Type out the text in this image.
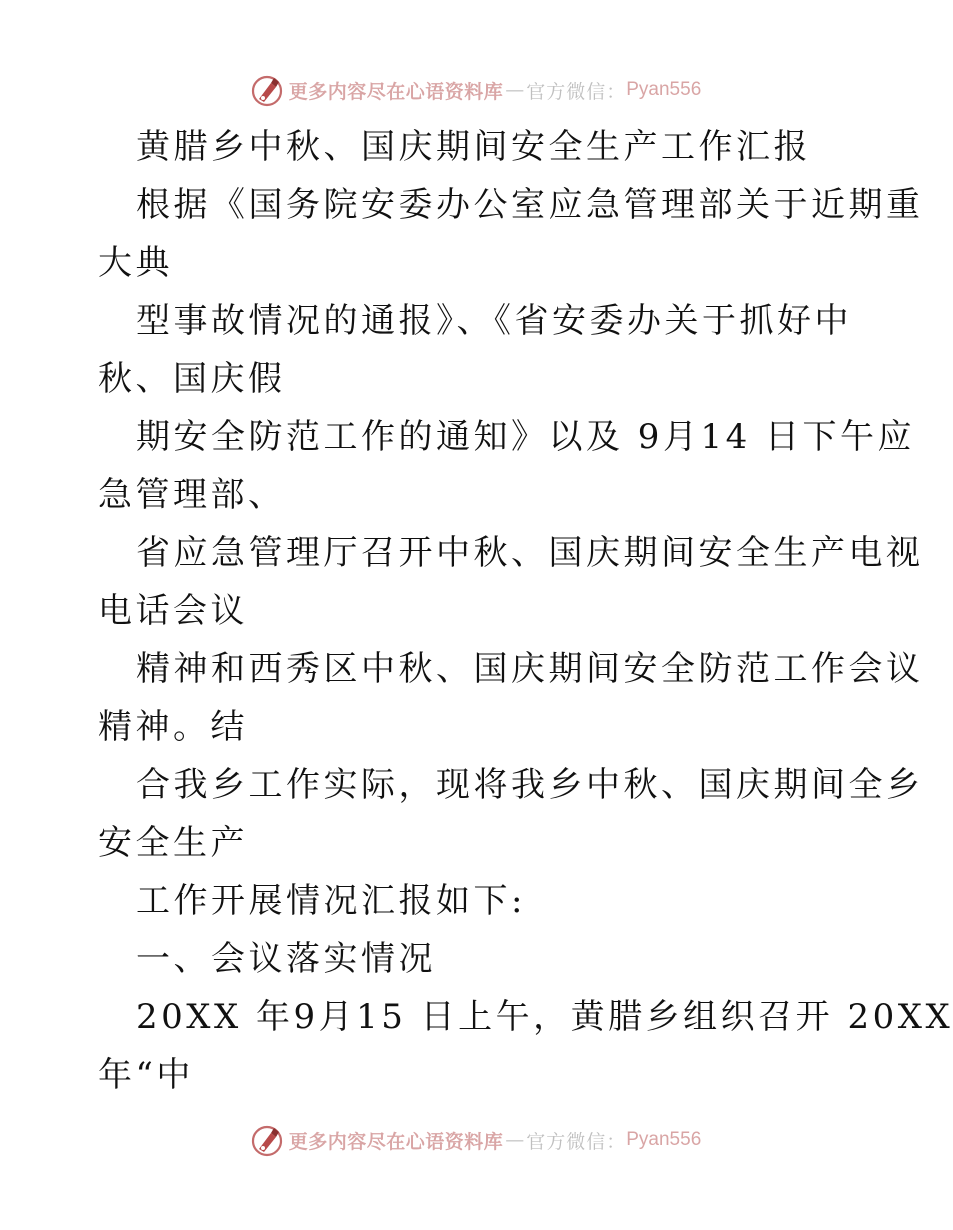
更多内容尽在心语资料库 — 官方微信： Pyan556
黄腊乡中秋、国庆期间安全生产工作汇报
根据《国务院安委办公室应急管理部关于近期重
大典
型事故情况的通报》、《省安委办关于抓好中
秋、国庆假
期安全防范工作的通知》以及 9月14 日下午应
急管理部、
省应急管理厅召开中秋、国庆期间安全生产电视
电话会议
精神和西秀区中秋、国庆期间安全防范工作会议
精神。结
合我乡工作实际，现将我乡中秋、国庆期间全乡
安全生产
工作开展情况汇报如下:
一、会议落实情况
20XX 年9月15 日上午，黄腊乡组织召开 20XX
年“中
更多内容尽在心语资料库 — 官方微信： Pyan556
